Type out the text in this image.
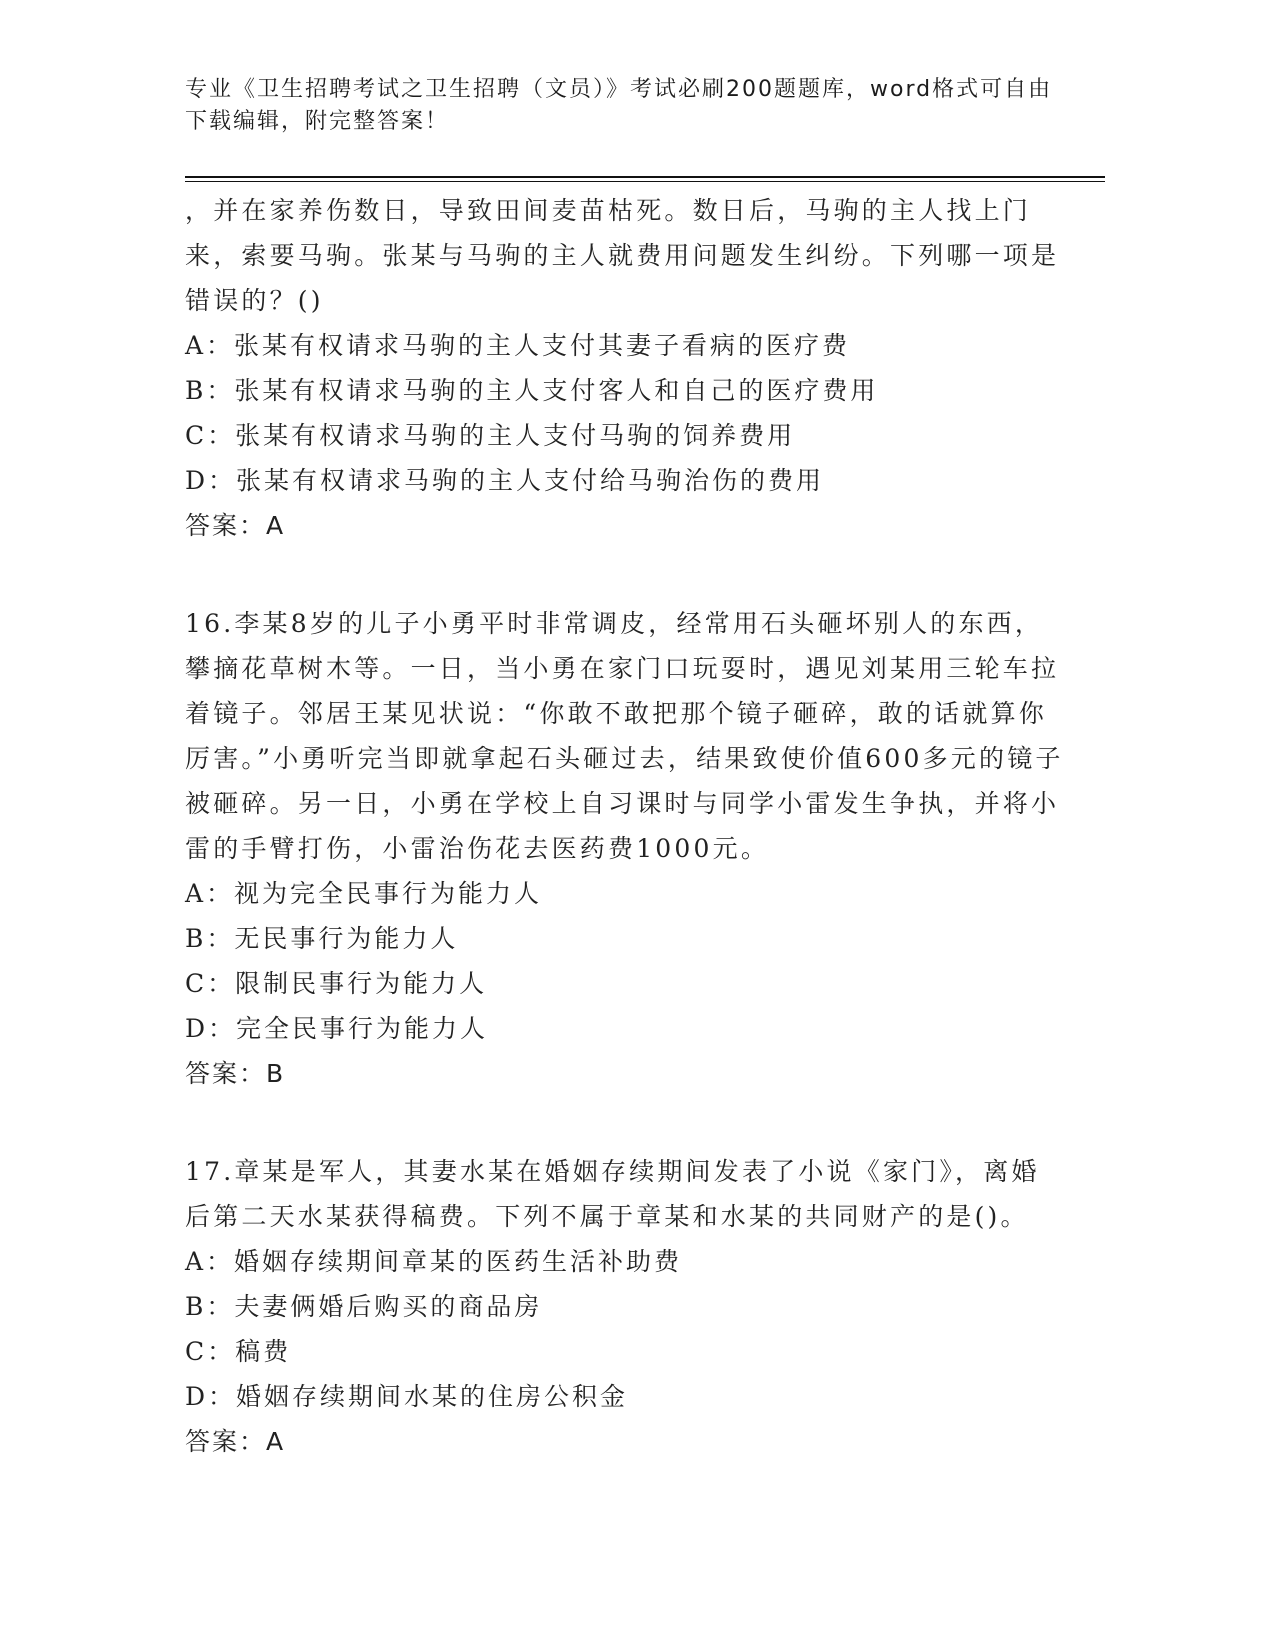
专业《卫生招聘考试之卫生招聘（文员）》考试必刷200题题库，word格式可自由下载编辑，附完整答案！

，并在家养伤数日，导致田间麦苗枯死。数日后，马驹的主人找上门来，索要马驹。张某与马驹的主人就费用问题发生纠纷。下列哪一项是错误的？()

A：张某有权请求马驹的主人支付其妻子看病的医疗费

B：张某有权请求马驹的主人支付客人和自己的医疗费用

C：张某有权请求马驹的主人支付马驹的饲养费用

D：张某有权请求马驹的主人支付给马驹治伤的费用

答案：A

16.李某8岁的儿子小勇平时非常调皮，经常用石头砸坏别人的东西，攀摘花草树木等。一日，当小勇在家门口玩耍时，遇见刘某用三轮车拉着镜子。邻居王某见状说：“你敢不敢把那个镜子砸碎，敢的话就算你厉害。”小勇听完当即就拿起石头砸过去，结果致使价值600多元的镜子被砸碎。另一日，小勇在学校上自习课时与同学小雷发生争执，并将小雷的手臂打伤，小雷治伤花去医药费1000元。

A：视为完全民事行为能力人

B：无民事行为能力人

C：限制民事行为能力人

D：完全民事行为能力人

答案：B

17.章某是军人，其妻水某在婚姻存续期间发表了小说《家门》，离婚后第二天水某获得稿费。下列不属于章某和水某的共同财产的是()。

A：婚姻存续期间章某的医药生活补助费

B：夫妻俩婚后购买的商品房

C：稿费

D：婚姻存续期间水某的住房公积金

答案：A
